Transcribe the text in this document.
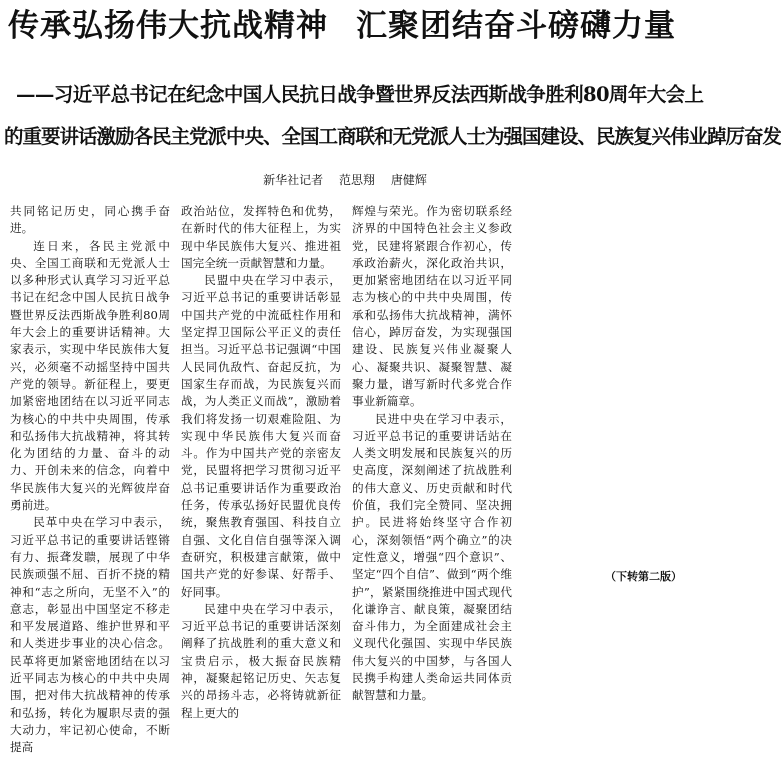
传承弘扬伟大抗战精神 汇聚团结奋斗磅礴力量
——习近平总书记在纪念中国人民抗日战争暨世界反法西斯战争胜利80周年大会上
的重要讲话激励各民主党派中央、全国工商联和无党派人士为强国建设、民族复兴伟业踔厉奋发
新华社记者 范思翔 唐健辉

共同铭记历史，同心携手奋进。

连日来，各民主党派中央、全国工商联和无党派人士以多种形式认真学习习近平总书记在纪念中国人民抗日战争暨世界反法西斯战争胜利80周年大会上的重要讲话精神。大家表示，实现中华民族伟大复兴，必须毫不动摇坚持中国共产党的领导。新征程上，要更加紧密地团结在以习近平同志为核心的中共中央周围，传承和弘扬伟大抗战精神，将其转化为团结的力量、奋斗的动力、开创未来的信念，向着中华民族伟大复兴的光辉彼岸奋勇前进。

民革中央在学习中表示，习近平总书记的重要讲话铿锵有力、振聋发聩，展现了中华民族顽强不屈、百折不挠的精神和“志之所向，无坚不入”的意志，彰显出中国坚定不移走和平发展道路、维护世界和平和人类进步事业的决心信念。民革将更加紧密地团结在以习近平同志为核心的中共中央周围，把对伟大抗战精神的传承和弘扬，转化为履职尽责的强大动力，牢记初心使命，不断提高

政治站位，发挥特色和优势，在新时代的伟大征程上，为实现中华民族伟大复兴、推进祖国完全统一贡献智慧和力量。

民盟中央在学习中表示，习近平总书记的重要讲话彰显中国共产党的中流砥柱作用和坚定捍卫国际公平正义的责任担当。习近平总书记强调“中国人民同仇敌忾、奋起反抗，为国家生存而战，为民族复兴而战，为人类正义而战”，激励着我们将发扬一切艰难险阻、为实现中华民族伟大复兴而奋斗。作为中国共产党的亲密友党，民盟将把学习贯彻习近平总书记重要讲话作为重要政治任务，传承弘扬好民盟优良传统，聚焦教育强国、科技自立自强、文化自信自强等深入调查研究，积极建言献策，做中国共产党的好参谋、好帮手、好同事。

民建中央在学习中表示，习近平总书记的重要讲话深刻阐释了抗战胜利的重大意义和宝贵启示，极大振奋民族精神，凝聚起铭记历史、矢志复兴的昂扬斗志，必将铸就新征程上更大的

辉煌与荣光。作为密切联系经济界的中国特色社会主义参政党，民建将紧跟合作初心，传承政治薪火，深化政治共识，更加紧密地团结在以习近平同志为核心的中共中央周围，传承和弘扬伟大抗战精神，满怀信心，踔厉奋发，为实现强国建设、民族复兴伟业凝聚人心、凝聚共识、凝聚智慧、凝聚力量，谱写新时代多党合作事业新篇章。

民进中央在学习中表示，习近平总书记的重要讲话站在人类文明发展和民族复兴的历史高度，深刻阐述了抗战胜利的伟大意义、历史贡献和时代价值，我们完全赞同、坚决拥护。民进将始终坚守合作初心，深刻领悟“两个确立”的决定性意义，增强“四个意识”、坚定“四个自信”、做到“两个维护”，紧紧围绕推进中国式现代化谦诤言、献良策，凝聚团结奋斗伟力，为全面建成社会主义现代化强国、实现中华民族伟大复兴的中国梦，与各国人民携手构建人类命运共同体贡献智慧和力量。

（下转第二版）
